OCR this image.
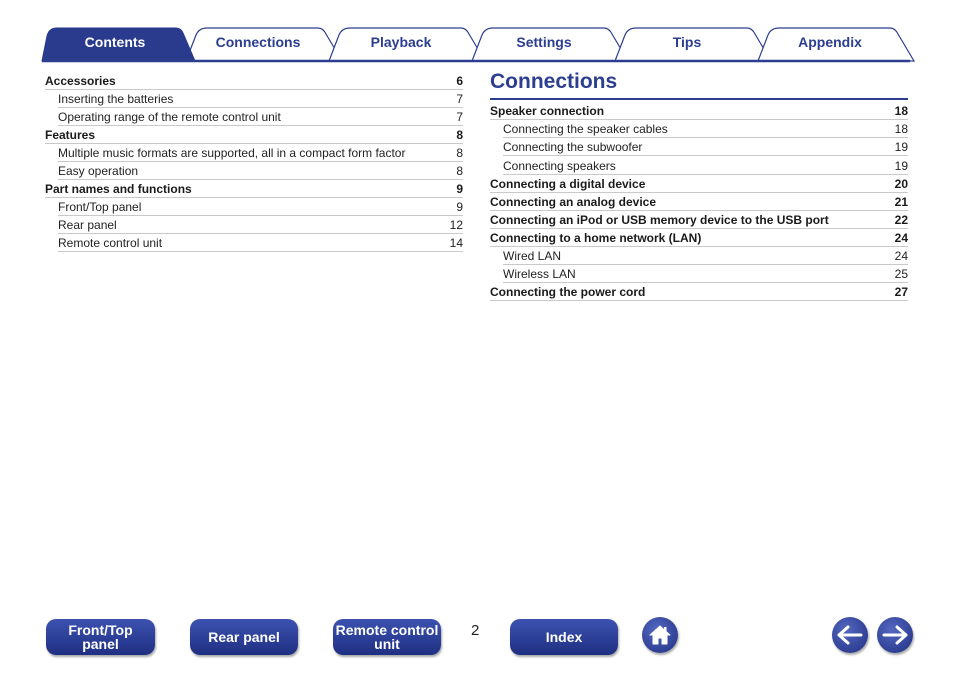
Contents	Connections	Playback	Settings	Tips	Appendix
Accessories	6
Inserting the batteries	7
Operating range of the remote control unit	7
Features	8
Multiple music formats are supported, all in a compact form factor	8
Easy operation	8
Part names and functions	9
Front/Top panel	9
Rear panel	12
Remote control unit	14
Connections
Speaker connection	18
Connecting the speaker cables	18
Connecting the subwoofer	19
Connecting speakers	19
Connecting a digital device	20
Connecting an analog device	21
Connecting an iPod or USB memory device to the USB port	22
Connecting to a home network (LAN)	24
Wired LAN	24
Wireless LAN	25
Connecting the power cord	27
Front/Top
panel	Rear panel	Remote control
unit
2	Index
